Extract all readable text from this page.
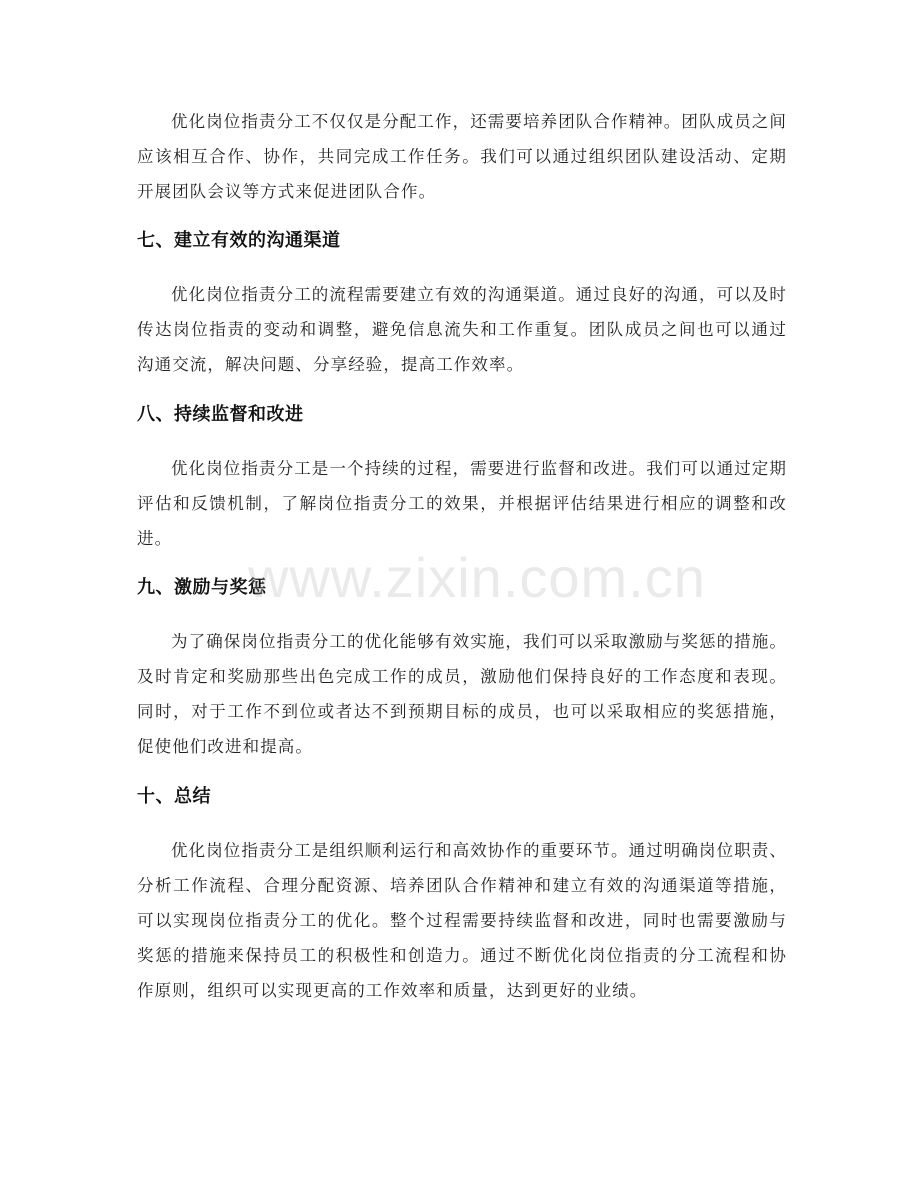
优化岗位指责分工不仅仅是分配工作，还需要培养团队合作精神。团队成员之间应该相互合作、协作，共同完成工作任务。我们可以通过组织团队建设活动、定期开展团队会议等方式来促进团队合作。

七、建立有效的沟通渠道

优化岗位指责分工的流程需要建立有效的沟通渠道。通过良好的沟通，可以及时传达岗位指责的变动和调整，避免信息流失和工作重复。团队成员之间也可以通过沟通交流，解决问题、分享经验，提高工作效率。

八、持续监督和改进

优化岗位指责分工是一个持续的过程，需要进行监督和改进。我们可以通过定期评估和反馈机制，了解岗位指责分工的效果，并根据评估结果进行相应的调整和改进。

九、激励与奖惩

为了确保岗位指责分工的优化能够有效实施，我们可以采取激励与奖惩的措施。及时肯定和奖励那些出色完成工作的成员，激励他们保持良好的工作态度和表现。同时，对于工作不到位或者达不到预期目标的成员，也可以采取相应的奖惩措施，促使他们改进和提高。

十、总结

优化岗位指责分工是组织顺利运行和高效协作的重要环节。通过明确岗位职责、分析工作流程、合理分配资源、培养团队合作精神和建立有效的沟通渠道等措施，可以实现岗位指责分工的优化。整个过程需要持续监督和改进，同时也需要激励与奖惩的措施来保持员工的积极性和创造力。通过不断优化岗位指责的分工流程和协作原则，组织可以实现更高的工作效率和质量，达到更好的业绩。

www.zixin.com.cn
